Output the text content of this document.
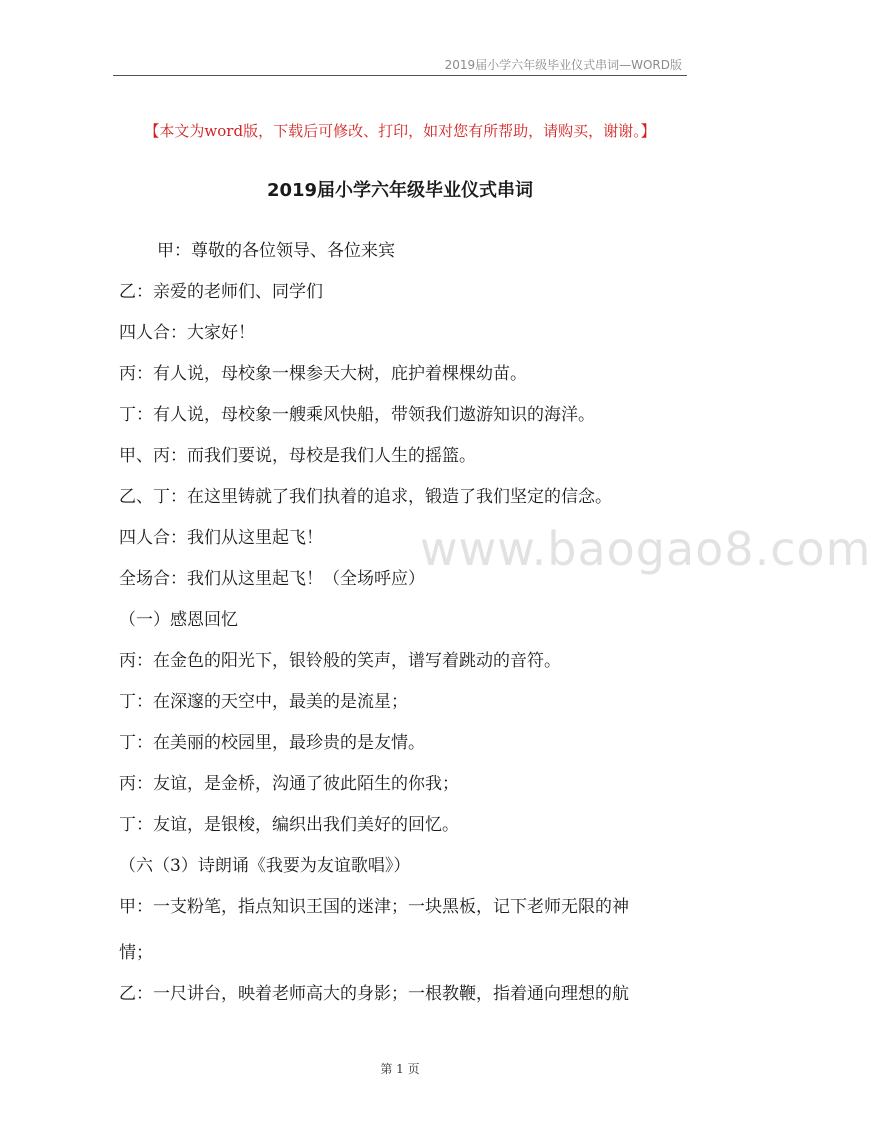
2019届小学六年级毕业仪式串词—WORD版
【本文为word版，下载后可修改、打印，如对您有所帮助，请购买，谢谢。】
2019届小学六年级毕业仪式串词
www.baogao8.com
甲：尊敬的各位领导、各位来宾
乙：亲爱的老师们、同学们
四人合：大家好！
丙：有人说，母校象一棵参天大树，庇护着棵棵幼苗。
丁：有人说，母校象一艘乘风快船，带领我们遨游知识的海洋。
甲、丙：而我们要说，母校是我们人生的摇篮。
乙、丁：在这里铸就了我们执着的追求，锻造了我们坚定的信念。
四人合：我们从这里起飞！
全场合：我们从这里起飞！（全场呼应）
（一）感恩回忆
丙：在金色的阳光下，银铃般的笑声，谱写着跳动的音符。
丁：在深邃的天空中，最美的是流星；
丁：在美丽的校园里，最珍贵的是友情。
丙：友谊，是金桥，沟通了彼此陌生的你我；
丁：友谊，是银梭，编织出我们美好的回忆。
（六（3）诗朗诵《我要为友谊歌唱》）
甲：一支粉笔，指点知识王国的迷津；一块黑板，记下老师无限的神
情；
乙：一尺讲台，映着老师高大的身影；一根教鞭，指着通向理想的航
第 1 页
